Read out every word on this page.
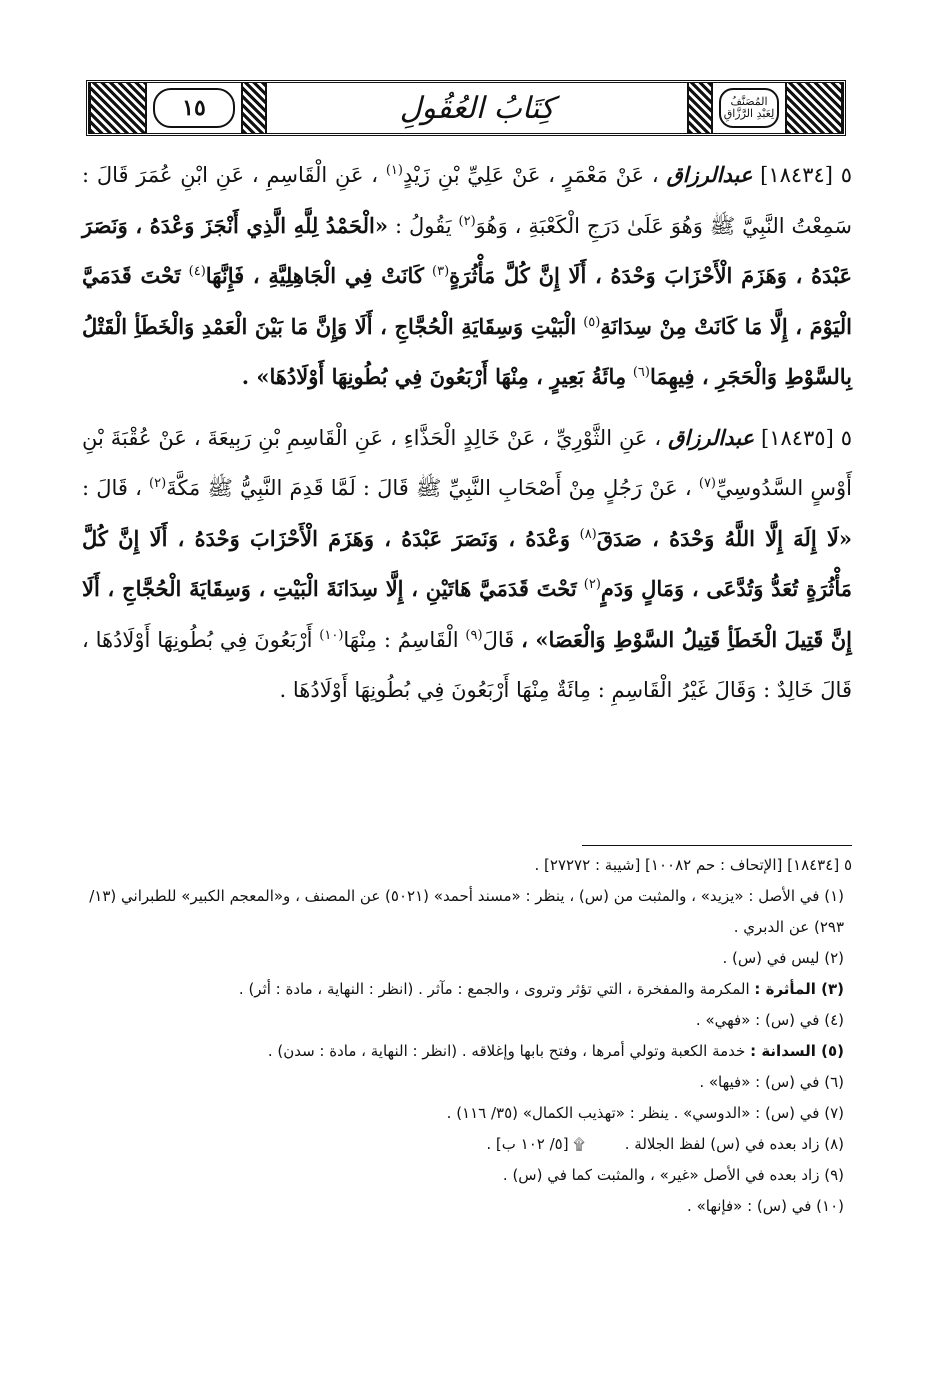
١٥	كِتَابُ العُقُولِ	المُصَنَّفُ
لِعَبْدِ الرَّزَّاقِ

٥ [١٨٤٣٤] عبدالرزاق ، عَنْ مَعْمَرٍ ، عَنْ عَلِيِّ بْنِ زَيْدٍ$^{(١)}$ ، عَنِ الْقَاسِمِ ، عَنِ ابْنِ عُمَرَ قَالَ : سَمِعْتُ النَّبِيَّ ﷺ وَهُوَ عَلَىٰ دَرَجِ الْكَعْبَةِ ، وَهُوَ$^{(٢)}$ يَقُولُ : «الْحَمْدُ لِلَّهِ الَّذِي أَنْجَزَ وَعْدَهُ ، وَنَصَرَ عَبْدَهُ ، وَهَزَمَ الْأَحْزَابَ وَحْدَهُ ، أَلَا إِنَّ كُلَّ مَأْثُرَةٍ$^{(٣)}$ كَانَتْ فِي الْجَاهِلِيَّةِ ، فَإِنَّهَا$^{(٤)}$ تَحْتَ قَدَمَيَّ الْيَوْمَ ، إِلَّا مَا كَانَتْ مِنْ سِدَانَةِ$^{(٥)}$ الْبَيْتِ وَسِقَايَةِ الْحُجَّاجِ ، أَلَا وَإِنَّ مَا بَيْنَ الْعَمْدِ وَالْخَطَأِ الْقَتْلُ بِالسَّوْطِ وَالْحَجَرِ ، فِيهِمَا$^{(٦)}$ مِائَةُ بَعِيرٍ ، مِنْهَا أَرْبَعُونَ فِي بُطُونِهَا أَوْلَادُهَا» .

٥ [١٨٤٣٥] عبدالرزاق ، عَنِ الثَّوْرِيِّ ، عَنْ خَالِدٍ الْحَذَّاءِ ، عَنِ الْقَاسِمِ بْنِ رَبِيعَةَ ، عَنْ عُقْبَةَ بْنِ أَوْسٍ السَّدُوسِيِّ$^{(٧)}$ ، عَنْ رَجُلٍ مِنْ أَصْحَابِ النَّبِيِّ ﷺ قَالَ : لَمَّا قَدِمَ النَّبِيُّ ﷺ مَكَّةَ$^{(٢)}$ ، قَالَ : «لَا إِلَهَ إِلَّا اللَّهُ وَحْدَهُ ، صَدَقَ$^{(٨)}$ وَعْدَهُ ، وَنَصَرَ عَبْدَهُ ، وَهَزَمَ الْأَحْزَابَ وَحْدَهُ ، أَلَا إِنَّ كُلَّ مَأْثُرَةٍ تُعَدُّ وَتُدَّعَى ، وَمَالٍ وَدَمٍ$^{(٢)}$ تَحْتَ قَدَمَيَّ هَاتَيْنِ ، إِلَّا سِدَانَةَ الْبَيْتِ ، وَسِقَايَةَ الْحُجَّاجِ ، أَلَا إِنَّ قَتِيلَ الْخَطَأِ قَتِيلُ السَّوْطِ وَالْعَصَا» ، قَالَ$^{(٩)}$ الْقَاسِمُ : مِنْهَا$^{(١٠)}$ أَرْبَعُونَ فِي بُطُونِهَا أَوْلَادُهَا ، قَالَ خَالِدٌ : وَقَالَ غَيْرُ الْقَاسِمِ : مِائَةٌ مِنْهَا أَرْبَعُونَ فِي بُطُونِهَا أَوْلَادُهَا .

٥ [١٨٤٣٤] [الإتحاف : حم ١٠٠٨٢] [شيبة : ٢٧٢٧٢] .
(١) في الأصل : «يزيد» ، والمثبت من (س) ، ينظر : «مسند أحمد» (٥٠٢١) عن المصنف ، و«المعجم الكبير» للطبراني (١٣/ ٢٩٣) عن الدبري .
(٢) ليس في (س) .
(٣) المأثرة : المكرمة والمفخرة ، التي تؤثر وتروى ، والجمع : مآثر . (انظر : النهاية ، مادة : أثر) .
(٤) في (س) : «فهي» .
(٥) السدانة : خدمة الكعبة وتولي أمرها ، وفتح بابها وإغلاقه . (انظر : النهاية ، مادة : سدن) .
(٦) في (س) : «فيها» .
(٧) في (س) : «الدوسي» . ينظر : «تهذيب الكمال» (٣٥/ ١١٦) .
(٨) زاد بعده في (س) لفظ الجلالة .۩ [٥/ ١٠٢ ب] .
(٩) زاد بعده في الأصل «غير» ، والمثبت كما في (س) .
(١٠) في (س) : «فإنها» .
